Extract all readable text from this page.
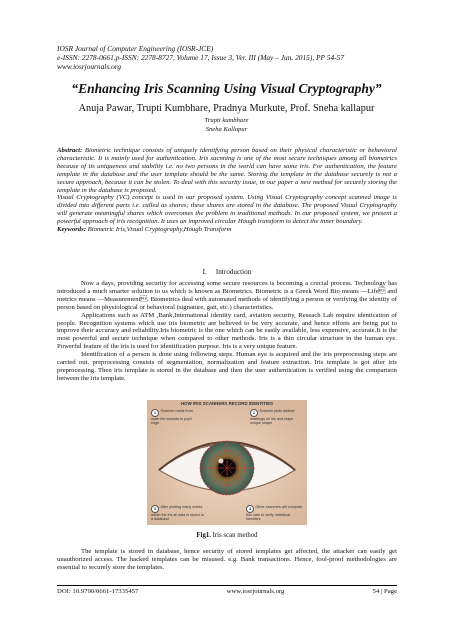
IOSR Journal of Computer Engineering (IOSR-JCE)
e-ISSN: 2278-0661,p-ISSN: 2278-8727, Volume 17, Issue 3, Ver. III (May – Jun. 2015), PP 54-57
www.iosrjournals.org
“Enhancing Iris Scanning Using Visual Cryptography”
Anuja Pawar, Trupti Kumbhare, Pradnya Murkute, Prof. Sneha kallapur
Trupti kumbhare
Sneha Kallapur
Abstract: Biometric technique consists of uniquely identifying person based on their physical characteristic or behavioral characteristic. It is mainly used for authentication. Iris sacnning is one of the most secure techniques among all biometrics because of its uniqueness and stability i.e. no two persons in the world can have same iris. For authentication, the feature template in the database and the user template should be the same. Storing the template in the database securely is not a secure approach, because it can be stolen. To deal with this security issue, in our paper a new method for securely storing the template in the database is proposed.
Visual Cryptography (VC) concept is used in our proposed system. Using Visual Cryptography concept scanned image is divided into different parts i.e. called as shares; these shares are stored in the database. The proposed Visual Cryptography will generate meaningful shares which overcomes the problem in traditional methods. In our proposed system, we present a powerful approach of iris recognition. It uses an improved circular Hough transform to detect the inner boundary.
Keywords: Biometric Iris,Visual Cryptography,Hough Transform
I. Introduction

Now a days, providing security for accessing some secure resources is becoming a crucial process. Technology has introduced a much smarter solution to us which is known as Biometrics. Biometric is a Greek Word Bio means —Life and metrics means —Measurement. Biometrics deal with automated methods of identifying a person or verifying the identity of person based on physiological or behavioral (signature, gait, etc.) characteristics.

Applications such as ATM ,Bank,International identity card, aviation security, Reseach Lab require identication of people. Recognition systems which use iris biometric are believed to be very accurate, and hence efforts are being put to improve their accuracy and reliability.Iris biometric is the one which can be easily available, less expensive, accurate.It is the most powerful and secure technique when compared to other methods. Iris is a thin circular structure in the human eye. Powerful feature of the iris is used for identification purpose. Iris is a very unique feature.

Identification of a person is done using following steps. Human eye is acquired and the iris preprocessing steps are carried out. preprocessing consists of segmentation, normalization and feature extraction. Iris template is got after iris preprocessing. Then iris template is stored in the database and then the user authentication is verified using the comparison between the iris template.

HOW IRIS SCANNERS RECORD IDENTITIES
1 Scanner reads from outer iris inwards to pupil edge
2 Scanner plots distinct markings on iris and maps unique shape
3 After plotting many marks within the iris all data is saved to a database
4 Other scanners will compare this data to verify individual identities
Fig1. Iris scan method

The template is stored in database, hence security of stored templates get affected, the attacker can easily get unauthorized access. The hacked templates can be misused. e.g. Bank transactions. Hence, fool-proof methodologies are essential to securely store the templates.

DOI: 10.9790/0661-17335457	www.iosrjournals.org	54 | Page
